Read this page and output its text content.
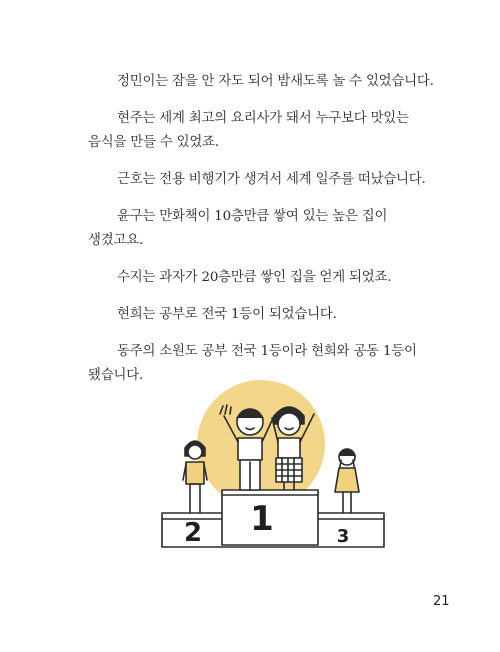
정민이는 잠을 안 자도 되어 밤새도록 놀 수 있었습니다.

현주는 세계 최고의 요리사가 돼서 누구보다 맛있는 음식을 만들 수 있었죠.

근호는 전용 비행기가 생겨서 세계 일주를 떠났습니다.

윤구는 만화책이 10층만큼 쌓여 있는 높은 집이 생겼고요.

수지는 과자가 20층만큼 쌓인 집을 얻게 되었죠.

현희는 공부로 전국 1등이 되었습니다.

동주의 소원도 공부 전국 1등이라 현희와 공동 1등이 됐습니다.

1
2	3
21
